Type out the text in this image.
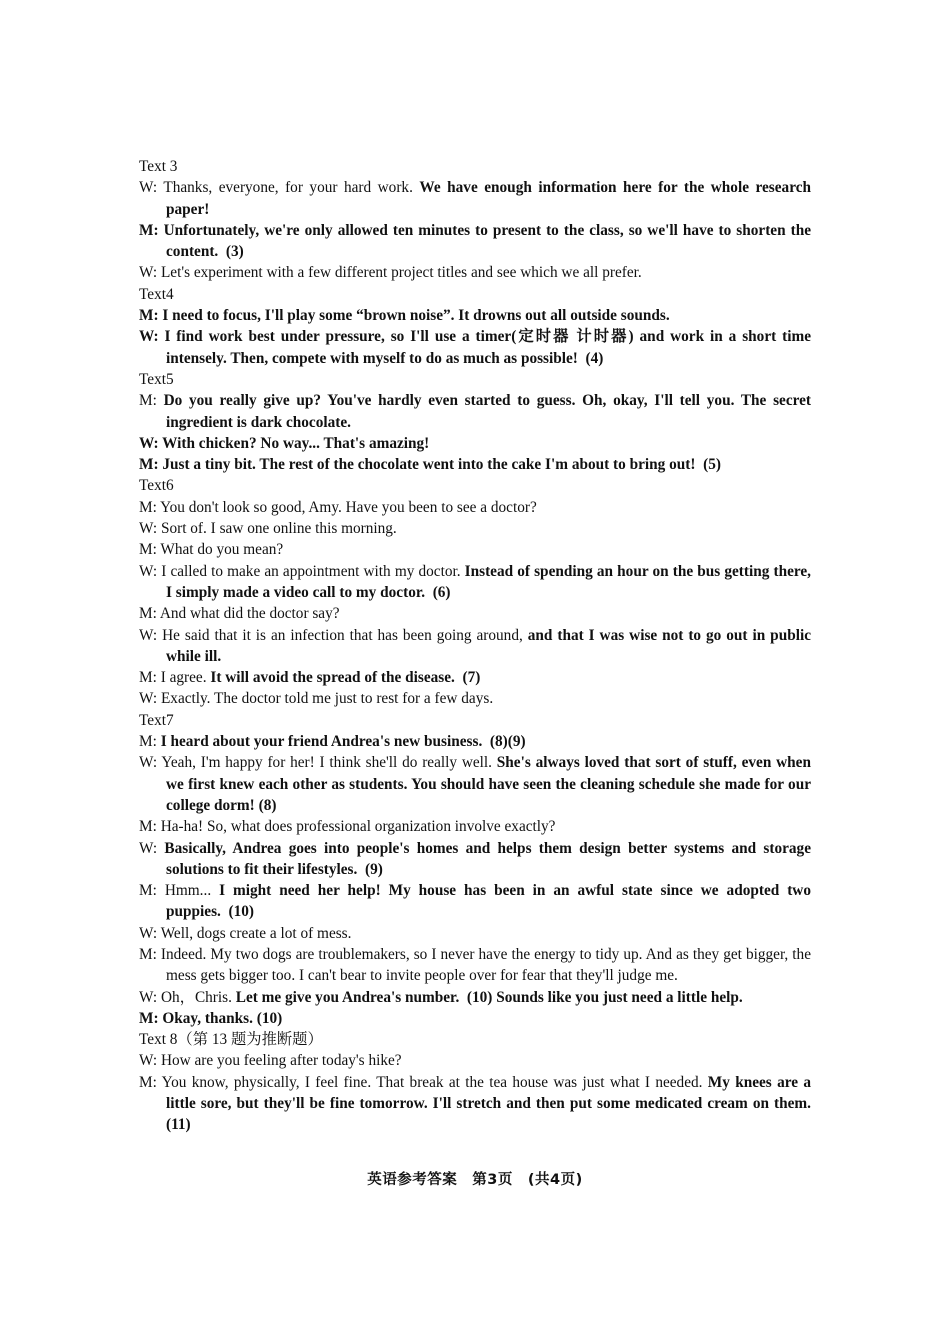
Text 3
W: Thanks, everyone, for your hard work. We have enough information here for the whole research paper!
M: Unfortunately, we're only allowed ten minutes to present to the class, so we'll have to shorten the content.  (3)
W: Let's experiment with a few different project titles and see which we all prefer.
Text4
M: I need to focus, I'll play some “brown noise”. It drowns out all outside sounds.
W: I find work best under pressure, so I'll use a timer(定时器 计时器) and work in a short time intensely. Then, compete with myself to do as much as possible!  (4)
Text5
M: Do you really give up? You've hardly even started to guess. Oh, okay, I'll tell you. The secret ingredient is dark chocolate.
W: With chicken? No way... That's amazing!
M: Just a tiny bit. The rest of the chocolate went into the cake I'm about to bring out!  (5)
Text6
M: You don't look so good, Amy. Have you been to see a doctor?
W: Sort of. I saw one online this morning.
M: What do you mean?
W: I called to make an appointment with my doctor. Instead of spending an hour on the bus getting there, I simply made a video call to my doctor.  (6)
M: And what did the doctor say?
W: He said that it is an infection that has been going around, and that I was wise not to go out in public while ill.
M: I agree. It will avoid the spread of the disease.  (7)
W: Exactly. The doctor told me just to rest for a few days.
Text7
M: I heard about your friend Andrea's new business.  (8)(9)
W: Yeah, I'm happy for her! I think she'll do really well. She's always loved that sort of stuff, even when we first knew each other as students. You should have seen the cleaning schedule she made for our college dorm! (8)
M: Ha-ha! So, what does professional organization involve exactly?
W: Basically, Andrea goes into people's homes and helps them design better systems and storage solutions to fit their lifestyles.  (9)
M: Hmm... I might need her help! My house has been in an awful state since we adopted two puppies.  (10)
W: Well, dogs create a lot of mess.
M: Indeed. My two dogs are troublemakers, so I never have the energy to tidy up. And as they get bigger, the mess gets bigger too. I can't bear to invite people over for fear that they'll judge me.
W: Oh，Chris. Let me give you Andrea's number.  (10) Sounds like you just need a little help.
M: Okay, thanks. (10)
Text 8（第 13 题为推断题）
W: How are you feeling after today's hike?
M: You know, physically, I feel fine. That break at the tea house was just what I needed. My knees are a little sore, but they'll be fine tomorrow. I'll stretch and then put some medicated cream on them. (11)
英语参考答案　第3页　(共4页)
